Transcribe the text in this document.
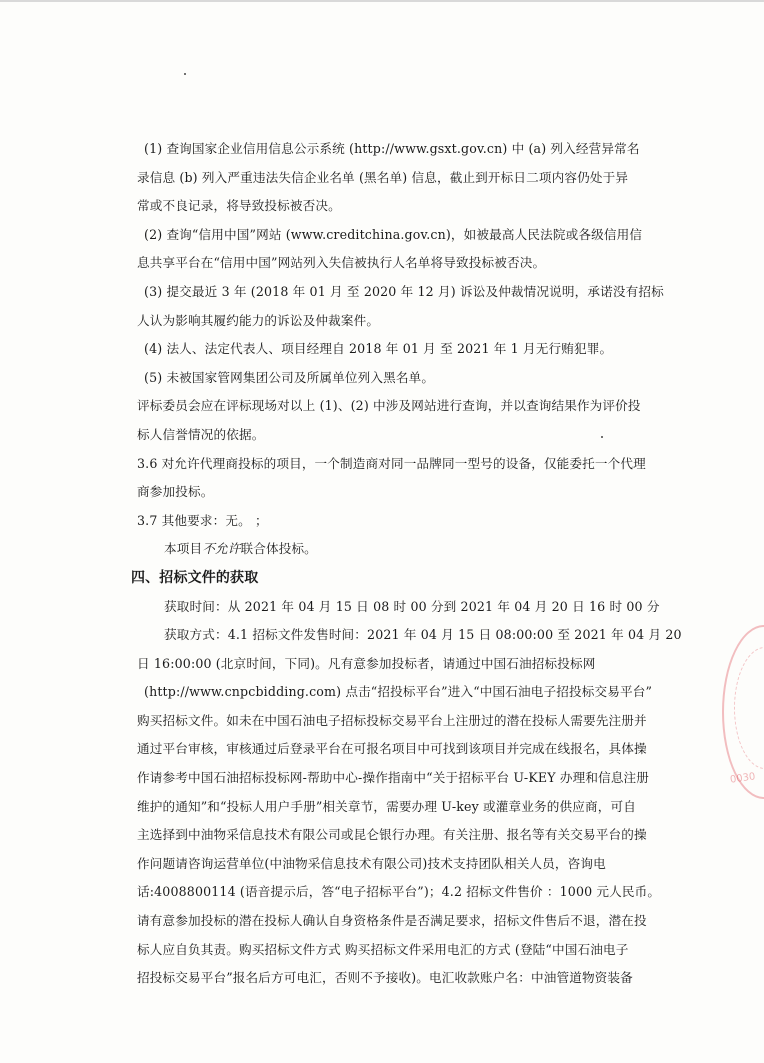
(1) 查询国家企业信用信息公示系统 (http://www.gsxt.gov.cn) 中 (a) 列入经营异常名
录信息 (b) 列入严重违法失信企业名单 (黑名单) 信息，截止到开标日二项内容仍处于异
常或不良记录，将导致投标被否决。
(2) 查询“信用中国”网站 (www.creditchina.gov.cn)，如被最高人民法院或各级信用信
息共享平台在“信用中国”网站列入失信被执行人名单将导致投标被否决。
(3) 提交最近 3 年 (2018 年 01 月 至 2020 年 12 月) 诉讼及仲裁情况说明，承诺没有招标
人认为影响其履约能力的诉讼及仲裁案件。
(4) 法人、法定代表人、项目经理自 2018 年 01 月 至 2021 年 1 月无行贿犯罪。
(5) 未被国家管网集团公司及所属单位列入黑名单。
评标委员会应在评标现场对以上 (1)、(2) 中涉及网站进行查询，并以查询结果作为评价投
标人信誉情况的依据。
3.6 对允许代理商投标的项目，一个制造商对同一品牌同一型号的设备，仅能委托一个代理
商参加投标。
3.7 其他要求：无。 ；
本项目不允许联合体投标。
四、招标文件的获取
获取时间：从 2021 年 04 月 15 日 08 时 00 分到 2021 年 04 月 20 日 16 时 00 分
获取方式：4.1 招标文件发售时间：2021 年 04 月 15 日 08:00:00 至 2021 年 04 月 20
日 16:00:00 (北京时间，下同)。凡有意参加投标者，请通过中国石油招标投标网
(http://www.cnpcbidding.com) 点击“招投标平台”进入“中国石油电子招投标交易平台”
购买招标文件。如未在中国石油电子招标投标交易平台上注册过的潜在投标人需要先注册并
通过平台审核，审核通过后登录平台在可报名项目中可找到该项目并完成在线报名，具体操
作请参考中国石油招标投标网-帮助中心-操作指南中“关于招标平台 U-KEY 办理和信息注册
维护的通知”和“投标人用户手册”相关章节，需要办理 U-key 或灌章业务的供应商，可自
主选择到中油物采信息技术有限公司或昆仑银行办理。有关注册、报名等有关交易平台的操
作问题请咨询运营单位(中油物采信息技术有限公司)技术支持团队相关人员，咨询电
话:4008800114 (语音提示后，答“电子招标平台”)；4.2 招标文件售价 ：1000 元人民币。
请有意参加投标的潜在投标人确认自身资格条件是否满足要求，招标文件售后不退，潜在投
标人应自负其责。购买招标文件方式 购买招标文件采用电汇的方式 (登陆“中国石油电子
招投标交易平台”报名后方可电汇，否则不予接收)。电汇收款账户名：中油管道物资装备
0030
